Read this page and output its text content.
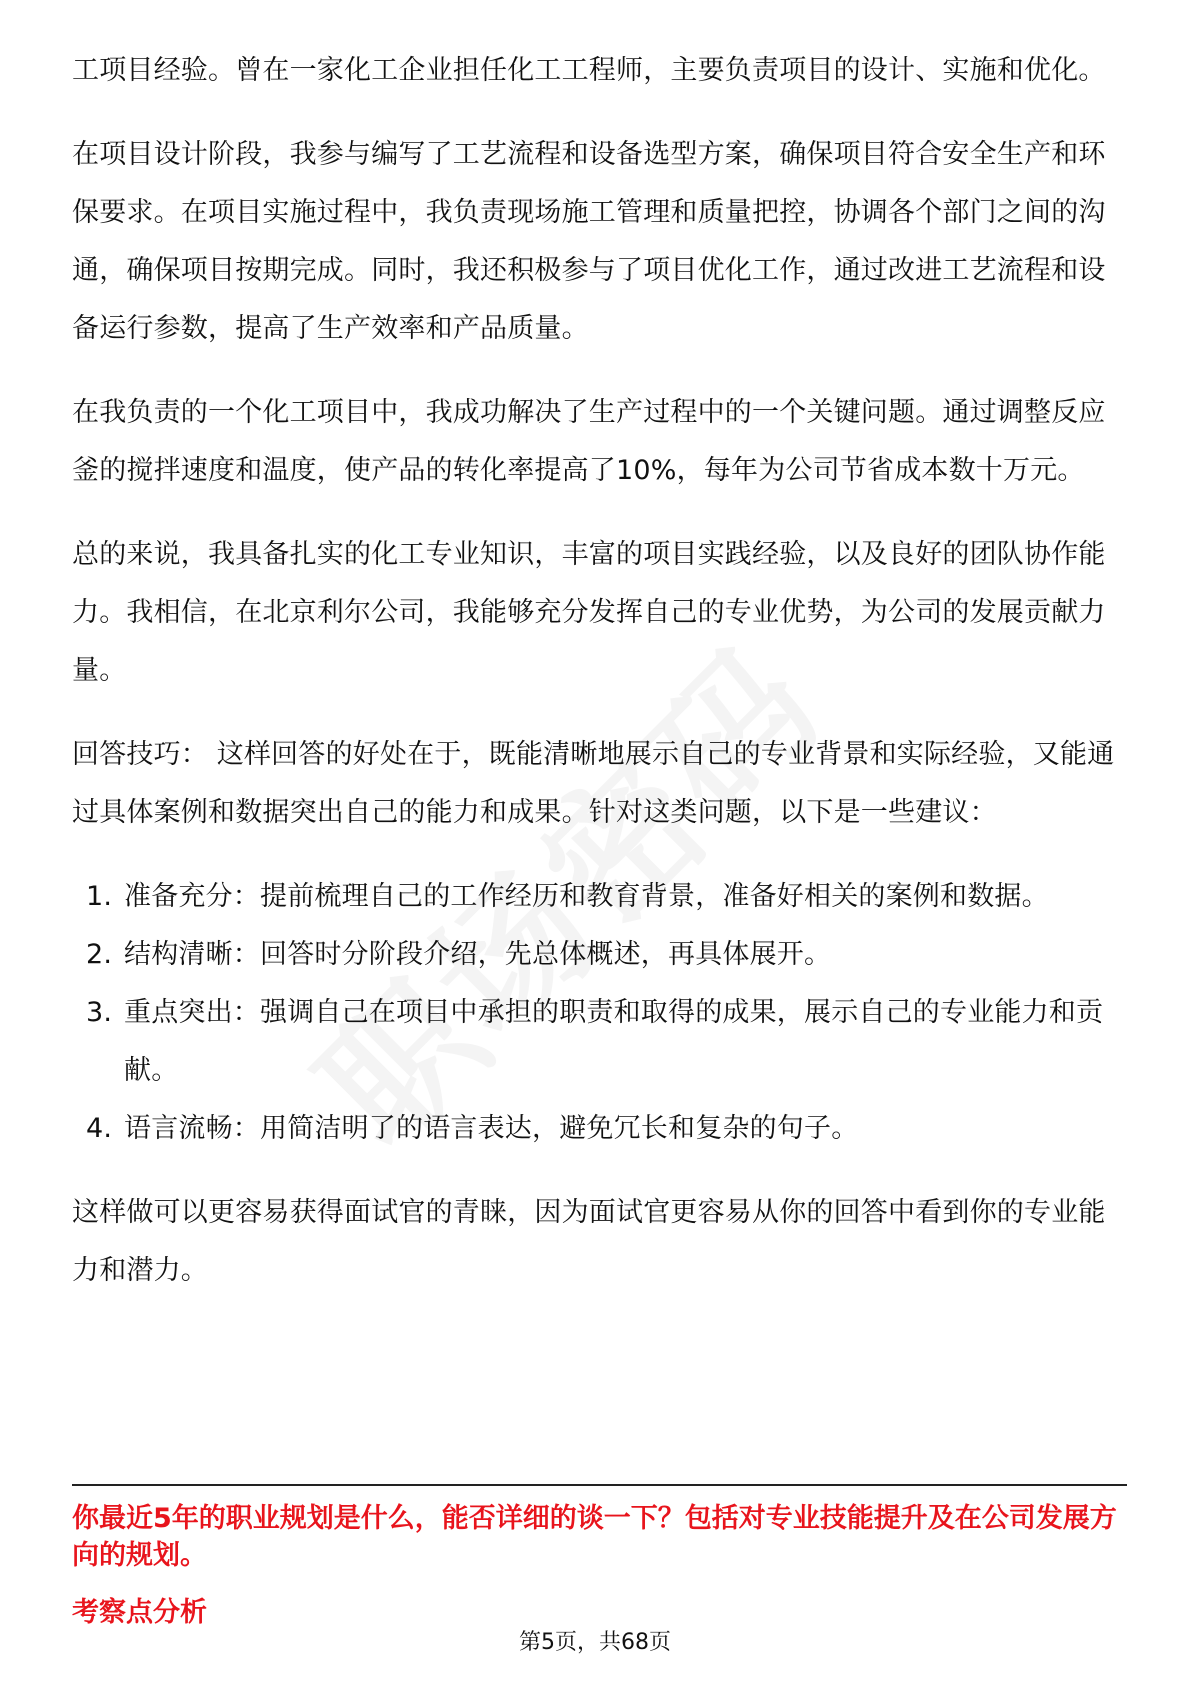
工项目经验。曾在一家化工企业担任化工工程师，主要负责项目的设计、实施和优化。

在项目设计阶段，我参与编写了工艺流程和设备选型方案，确保项目符合安全生产和环保要求。在项目实施过程中，我负责现场施工管理和质量把控，协调各个部门之间的沟通，确保项目按期完成。同时，我还积极参与了项目优化工作，通过改进工艺流程和设备运行参数，提高了生产效率和产品质量。

在我负责的一个化工项目中，我成功解决了生产过程中的一个关键问题。通过调整反应釜的搅拌速度和温度，使产品的转化率提高了10%，每年为公司节省成本数十万元。

总的来说，我具备扎实的化工专业知识，丰富的项目实践经验，以及良好的团队协作能力。我相信，在北京利尔公司，我能够充分发挥自己的专业优势，为公司的发展贡献力量。

回答技巧： 这样回答的好处在于，既能清晰地展示自己的专业背景和实际经验，又能通过具体案例和数据突出自己的能力和成果。针对这类问题，以下是一些建议：

1. 准备充分：提前梳理自己的工作经历和教育背景，准备好相关的案例和数据。
2. 结构清晰：回答时分阶段介绍，先总体概述，再具体展开。
3. 重点突出：强调自己在项目中承担的职责和取得的成果，展示自己的专业能力和贡献。
4. 语言流畅：用简洁明了的语言表达，避免冗长和复杂的句子。

这样做可以更容易获得面试官的青睐，因为面试官更容易从你的回答中看到你的专业能力和潜力。

你最近5年的职业规划是什么，能否详细的谈一下？包括对专业技能提升及在公司发展方向的规划。
考察点分析
第5页，共68页
